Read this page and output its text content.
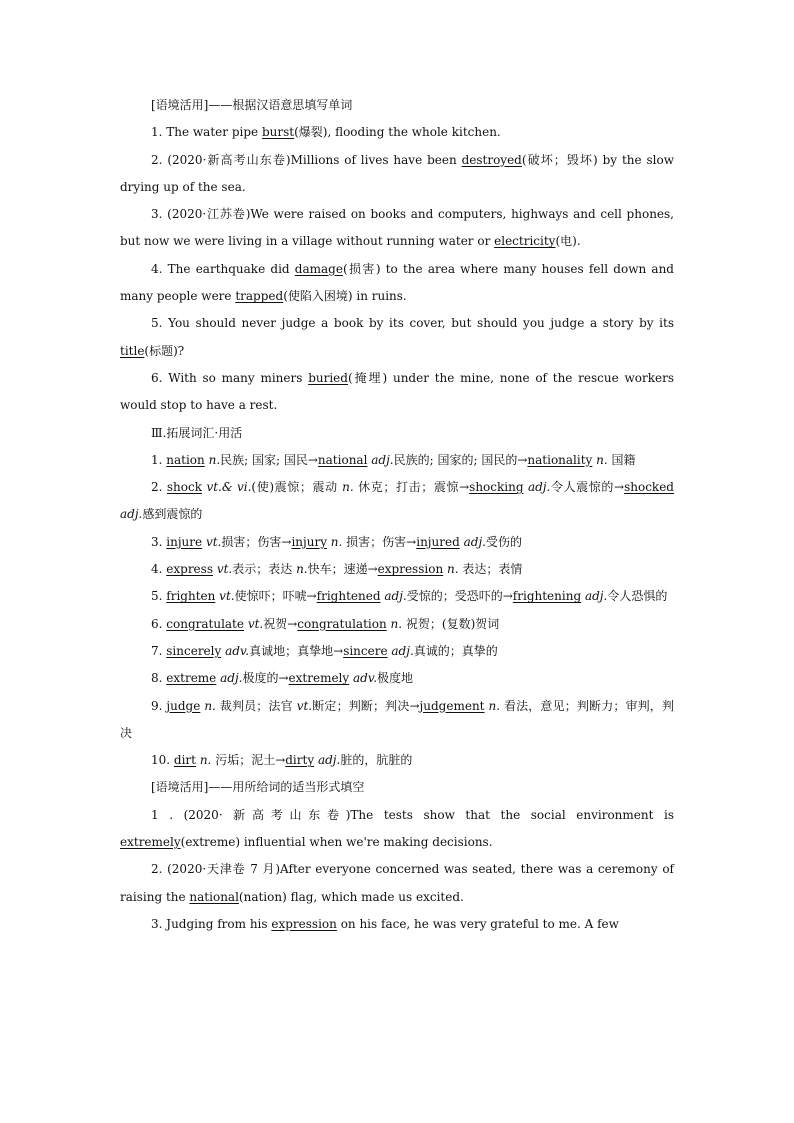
[语境活用]——根据汉语意思填写单词
1. The water pipe burst(爆裂), flooding the whole kitchen.
2. (2020·新高考山东卷)Millions of lives have been destroyed(破坏；毁坏) by the slow drying up of the sea.
3. (2020·江苏卷)We were raised on books and computers, highways and cell phones, but now we were living in a village without running water or electricity(电).
4. The earthquake did damage(损害) to the area where many houses fell down and many people were trapped(使陷入困境) in ruins.
5. You should never judge a book by its cover, but should you judge a story by its title(标题)?
6. With so many miners buried(掩埋) under the mine, none of the rescue workers would stop to have a rest.
Ⅲ.拓展词汇·用活
1. nation n.民族; 国家; 国民→national adj.民族的; 国家的; 国民的→nationality n. 国籍
2. shock vt.& vi.(使)震惊；震动 n. 休克；打击；震惊→shocking adj.令人震惊的→shocked adj.感到震惊的
3. injure vt.损害；伤害→injury n. 损害；伤害→injured adj.受伤的
4. express vt.表示；表达 n.快车；速递→expression n. 表达；表情
5. frighten vt.使惊吓；吓唬→frightened adj.受惊的；受恐吓的→frightening adj.令人恐惧的
6. congratulate vt.祝贺→congratulation n. 祝贺；(复数)贺词
7. sincerely adv.真诚地；真挚地→sincere adj.真诚的；真挚的
8. extreme adj.极度的→extremely adv.极度地
9. judge n. 裁判员；法官 vt.断定；判断；判决→judgement n. 看法，意见；判断力；审判，判决
10. dirt n. 污垢；泥土→dirty adj.脏的，肮脏的
[语境活用]——用所给词的适当形式填空
1 . (2020· 新高考山东卷)The tests show that the social environment is extremely(extreme) influential when we're making decisions.
2. (2020·天津卷 7 月)After everyone concerned was seated, there was a ceremony of raising the national(nation) flag, which made us excited.
3. Judging from his expression on his face, he was very grateful to me. A few
